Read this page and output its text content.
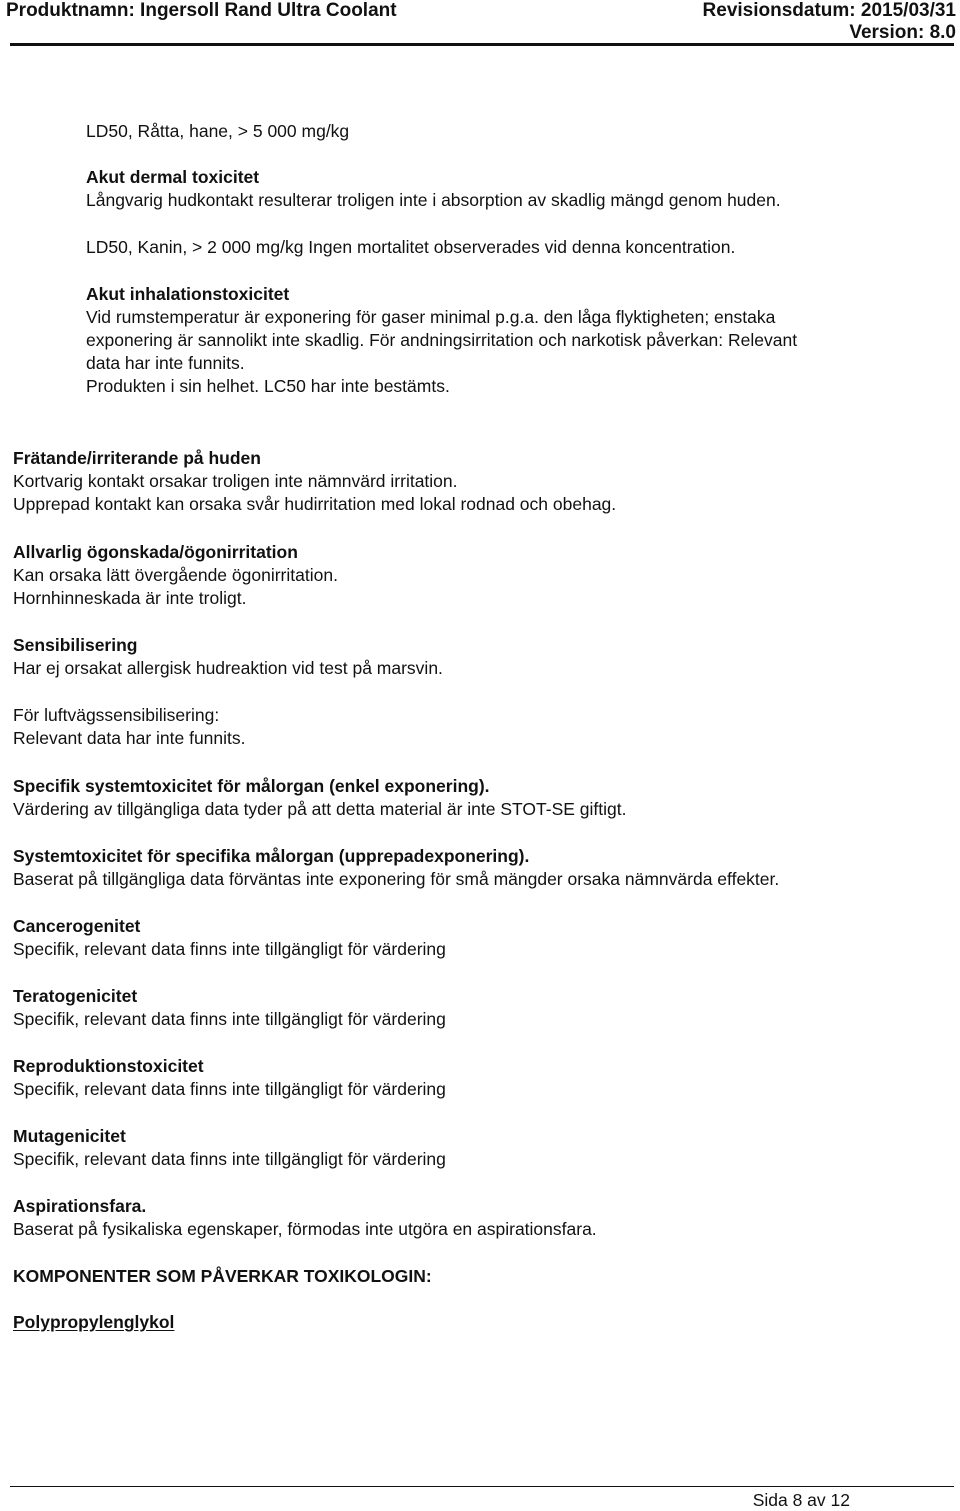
Produktnamn: Ingersoll Rand Ultra Coolant	Revisionsdatum: 2015/03/31
Version: 8.0
LD50, Råtta, hane, > 5 000 mg/kg
Akut dermal toxicitet
Långvarig hudkontakt resulterar troligen inte i absorption av skadlig mängd genom huden.
LD50, Kanin, > 2 000 mg/kg Ingen mortalitet observerades vid denna koncentration.
Akut inhalationstoxicitet
Vid rumstemperatur är exponering för gaser minimal p.g.a. den låga flyktigheten; enstaka
exponering är sannolikt inte skadlig. För andningsirritation och narkotisk påverkan: Relevant
data har inte funnits.
Produkten i sin helhet. LC50 har inte bestämts.
Frätande/irriterande på huden
Kortvarig kontakt orsakar troligen inte nämnvärd irritation.
Upprepad kontakt kan orsaka svår hudirritation med lokal rodnad och obehag.
Allvarlig ögonskada/ögonirritation
Kan orsaka lätt övergående ögonirritation.
Hornhinneskada är inte troligt.
Sensibilisering
Har ej orsakat allergisk hudreaktion vid test på marsvin.
För luftvägssensibilisering:
Relevant data har inte funnits.
Specifik systemtoxicitet för målorgan (enkel exponering).
Värdering av tillgängliga data tyder på att detta material är inte STOT-SE giftigt.
Systemtoxicitet för specifika målorgan (upprepadexponering).
Baserat på tillgängliga data förväntas inte exponering för små mängder orsaka nämnvärda effekter.
Cancerogenitet
Specifik, relevant data finns inte tillgängligt för värdering
Teratogenicitet
Specifik, relevant data finns inte tillgängligt för värdering
Reproduktionstoxicitet
Specifik, relevant data finns inte tillgängligt för värdering
Mutagenicitet
Specifik, relevant data finns inte tillgängligt för värdering
Aspirationsfara.
Baserat på fysikaliska egenskaper, förmodas inte utgöra en aspirationsfara.
KOMPONENTER SOM PÅVERKAR TOXIKOLOGIN:
Polypropylenglykol
Sida 8 av 12
